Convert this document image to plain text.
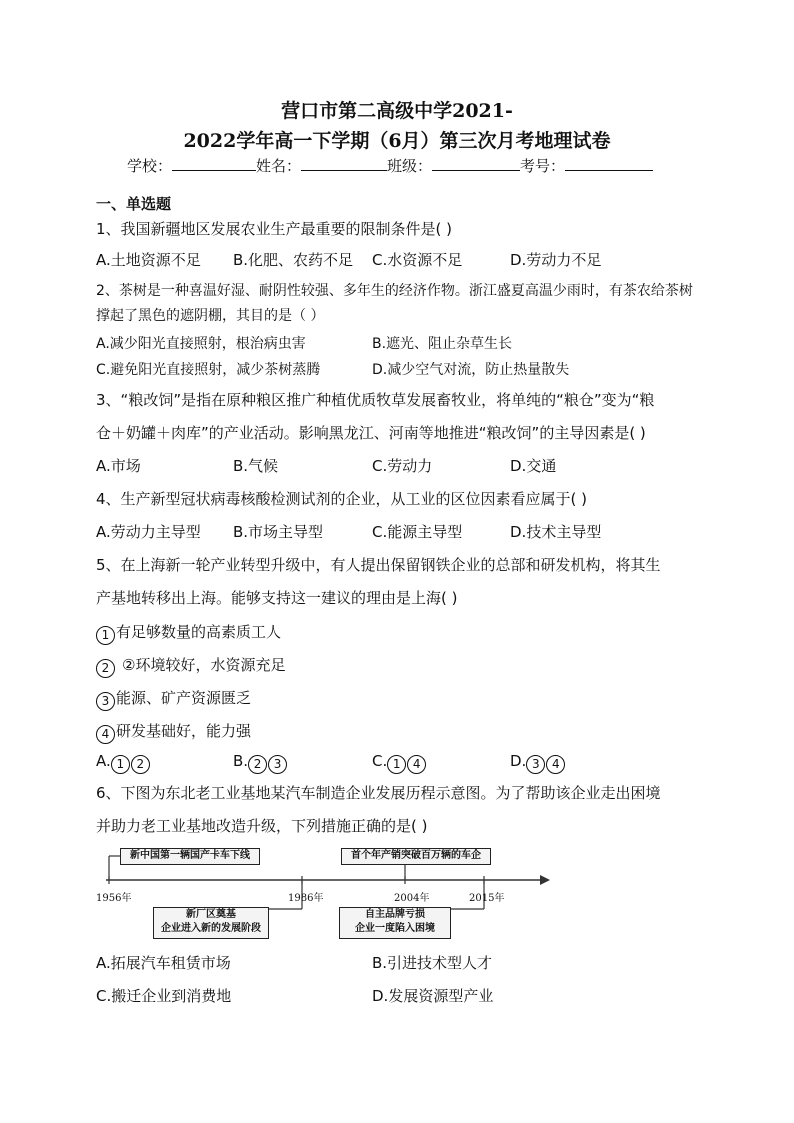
营口市第二高级中学2021-
2022学年高一下学期（6月）第三次月考地理试卷
学校：	姓名：	班级：	考号：
一、单选题
1、我国新疆地区发展农业生产最重要的限制条件是( )
A.土地资源不足 B.化肥、农药不足 C.水资源不足	D.劳动力不足
2、茶树是一种喜温好湿、耐阴性较强、多年生的经济作物。浙江盛夏高温少雨时，有茶农给茶树
撑起了黑色的遮阴棚，其目的是（ ）
A.减少阳光直接照射，根治病虫害	B.遮光、阻止杂草生长
C.避免阳光直接照射，减少茶树蒸腾	D.减少空气对流，防止热量散失
3、“粮改饲”是指在原种粮区推广种植优质牧草发展畜牧业，将单纯的“粮仓”变为“粮
仓＋奶罐＋肉库”的产业活动。影响黑龙江、河南等地推进“粮改饲”的主导因素是( )
A.市场	B.气候	C.劳动力	D.交通
4、生产新型冠状病毒核酸检测试剂的企业，从工业的区位因素看应属于( )
A.劳动力主导型 B.市场主导型	C.能源主导型	D.技术主导型
5、在上海新一轮产业转型升级中，有人提出保留钢铁企业的总部和研发机构，将其生
产基地转移出上海。能够支持这一建议的理由是上海( )
1 有足够数量的高素质工人
2 ②环境较好，水资源充足
3 能源、矿产资源匮乏
4 研发基础好，能力强
A. 1 2	B. 2 3	C. 1 4	D. 3 4
6、下图为东北老工业基地某汽车制造企业发展历程示意图。为了帮助该企业走出困境
并助力老工业基地改造升级，下列措施正确的是( )
新中国第一辆国产卡车下线	首个年产销突破百万辆的车企
1956年	1986年	2004年	2015年
新厂区奠基
企业进入新的发展阶段
自主品牌亏损
企业一度陷入困境
A.拓展汽车租赁市场	B.引进技术型人才
C.搬迁企业到消费地	D.发展资源型产业
